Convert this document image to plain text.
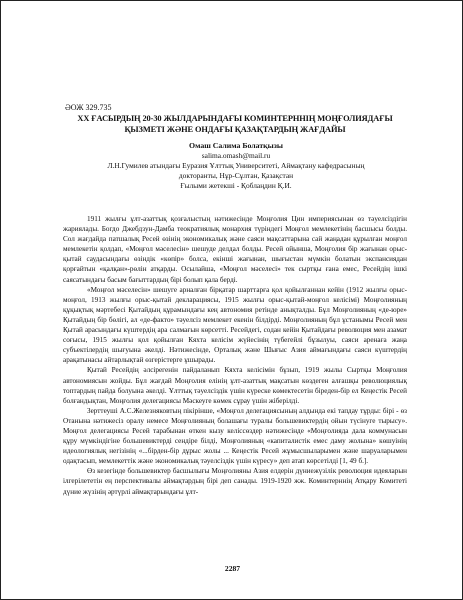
ӘОЖ 329.735
XX ҒАСЫРДЫҢ 20-30 ЖЫЛДАРЫНДАҒЫ КОМИНТЕРННІҢ МОҢҒОЛИЯДАҒЫ
ҚЫЗМЕТІ ЖӘНЕ ОНДАҒЫ ҚАЗАҚТАРДЫҢ ЖАҒДАЙЫ
Омаш Салима Болатқызы
salima.omash@mail.ru
Л.Н.Гумилев атындағы Еуразия Ұлттық Университеті, Аймақтану кафедрасының
докторанты, Нұр-Сұлтан, Қазақстан
Ғылыми жетекші - Қоблаңдин Қ.И.

1911 жылғы ұлт-азаттық қозғалыстың нәтижесінде Моңғолия Цин империясынан өз тәуелсіздігін жариялады. Богдо Джебдзун-Дамба теократиялық монархия түріндегі Моңғол мемлекетінің басшысы болды. Сол жағдайда патшалық Ресей өзінің экономикалық және саяси мақсаттарына сай жаңадан құрылған моңғол мемлекетін қолдап, «Моңғол мәселесін» шешуде делдал болды. Ресей ойынша, Моңғолия бір жағынан орыс-қытай саудасындағы өзіндік «көпір» болса, екінші жағынан, шығыстан мүмкін болатын экспансиядан қорғайтын «қалқан»-рөлін атқарды. Осылайша, «Моңғол мәселесі» тек сыртқы ғана емес, Ресейдің ішкі саясатындағы басым бағыттардың бірі болып қала берді.

«Моңғол мәселесін» шешуге арналған бірқатар шарттарға қол қойылғаннан кейін (1912 жылғы орыс-моңғол, 1913 жылғы орыс-қытай декларациясы, 1915 жылғы орыс-қытай-моңғол келісімі) Моңғолияның құқықтық мәртебесі Қытайдың құрамындағы кең автономия ретінде анықталды. Бұл Моңғолияның «де-юре» Қытайдың бір бөлігі, ал «де-факто» тәуелсіз мемлекет екенін білдірді. Моңғолияның бұл ұстанымы Ресей мен Қытай арасындағы күштердің ара салмағын көрсетті. Ресейдегі, содан кейін Қытайдағы революция мен азамат соғысы, 1915 жылғы қол қойылған Кяхта келісім жүйесінің түбегейлі бұзылуы, саяси аренаға жаңа субъектілердің шығуына әкелді. Нәтижесінде, Орталық және Шығыс Азия аймағындағы саяси күштердің арақатынасы айтарлықтай өзгерістерге ұшырады.

Қытай Ресейдің әлсірегенін пайдаланып Кяхта келісімін бұзып, 1919 жылы Сыртқы Моңғолия автономиясын жойды. Бұл жағдай Моңғолия елінің ұлт-азаттық мақсатын көздеген алғашқы революциялық топтардың пайда болуына әкелді. Ұлттық тәуелсіздік үшін күреске көмектесетін біреден-бір ел Кеңестік Ресей болғандықтан, Моңғолия делегациясы Мәскеуге көмек сұрау үшін жіберілді.

Зерттеуші А.С.Железняковтың пікірінше, «Моңғол делегациясының алдында екі тапдау тұрды: бірі - өз Отанына нәтижесіз оралу немесе Моңғолияның болашағы туралы большевиктердің ойын түсінуге тырысу». Моңғол делегациясы Ресей тарабынан өткен кызу келіссөздер нәтижесінде «Моңғолияда дала коммунасын құру мүмкіндігіне большевиктерді сендіре білді, Моңғолияның «капиталистік емес даму жолына» көшуінің идеологиялық негізінің «...бірден-бір дұрыс жолы ... Кеңестік Ресей жұмысшыларымен және шаруаларымен одақтасып, мемлекеттік және экономикалық тәуелсіздік үшін күресу» деп атап көрсетілді [1, 49 б.].

Өз кезегінде большевиктер басшылығы Моңғолияны Азия елдерін дүниежүзілік революция идеяларын ілгерілететін ең перспективалы аймақтардың бірі деп санады. 1919-1920 жж. Коминтерннің Атқару Комитеті дүние жүзінің әртүрлі аймақтарындағы ұлт-

2287
